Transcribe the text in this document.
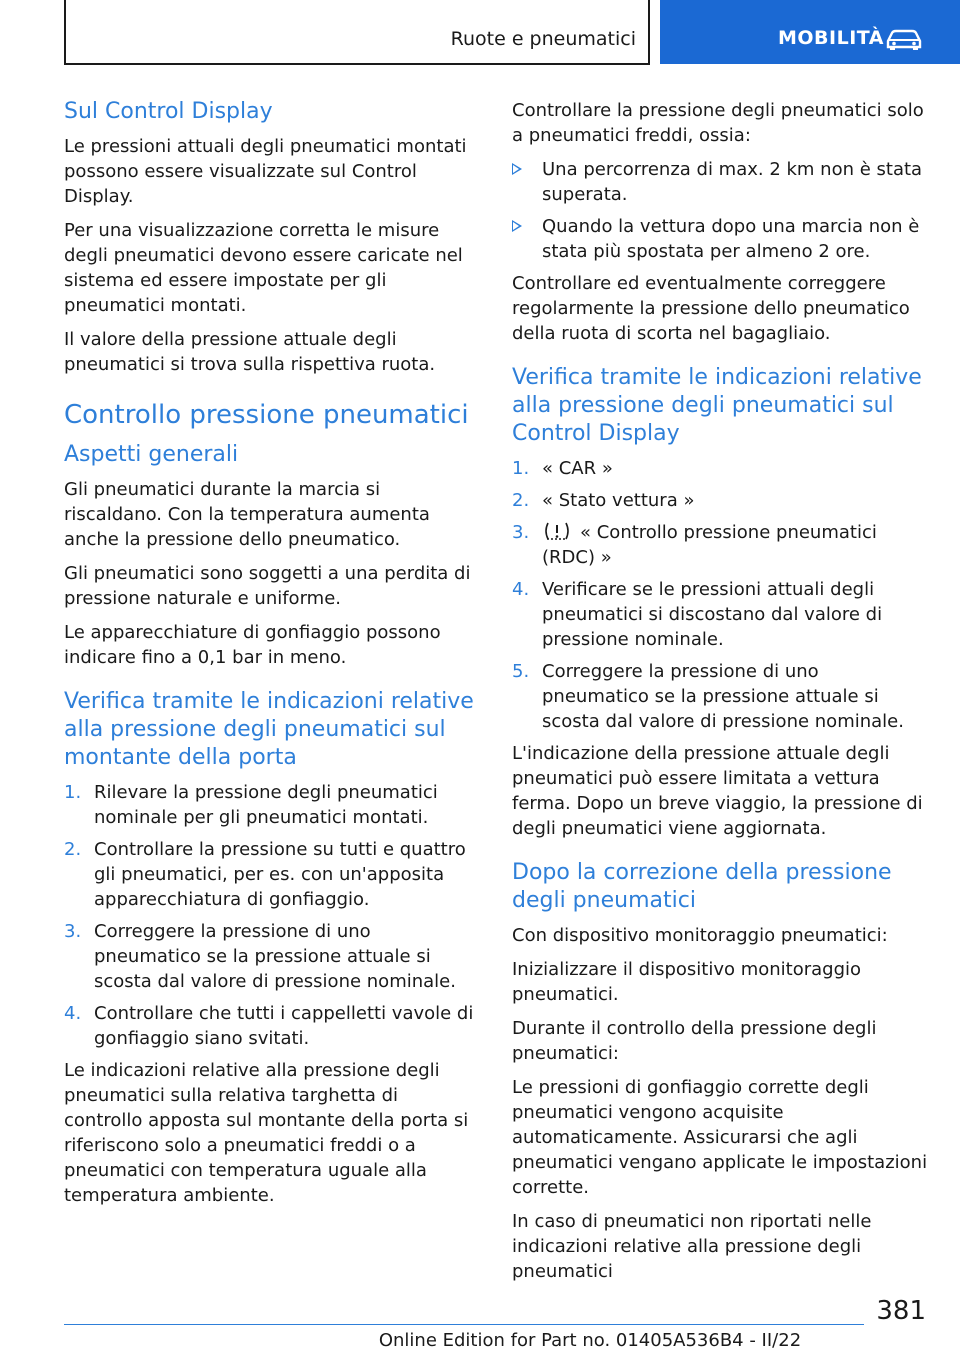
Ruote e pneumatici	MOBILITÀ
Sul Control Display

Le pressioni attuali degli pneumatici montati possono essere visualizzate sul Control Display.

Per una visualizzazione corretta le misure degli pneumatici devono essere caricate nel sistema ed essere impostate per gli pneumatici montati.

Il valore della pressione attuale degli pneumatici si trova sulla rispettiva ruota.

Controllo pressione pneumatici
Aspetti generali

Gli pneumatici durante la marcia si riscaldano. Con la temperatura aumenta anche la pressione dello pneumatico.

Gli pneumatici sono soggetti a una perdita di pressione naturale e uniforme.

Le apparecchiature di gonfiaggio possono indicare fino a 0,1 bar in meno.

Verifica tramite le indicazioni relative alla pressione degli pneumatici sul montante della porta
1. Rilevare la pressione degli pneumatici nominale per gli pneumatici montati.
2. Controllare la pressione su tutti e quattro gli pneumatici, per es. con un'apposita apparecchiatura di gonfiaggio.
3. Correggere la pressione di uno pneumatico se la pressione attuale si scosta dal valore di pressione nominale.
4. Controllare che tutti i cappelletti vavole di gonfiaggio siano svitati.

Le indicazioni relative alla pressione degli pneumatici sulla relativa targhetta di controllo apposta sul montante della porta si riferiscono solo a pneumatici freddi o a pneumatici con temperatura uguale alla temperatura ambiente.

Controllare la pressione degli pneumatici solo a pneumatici freddi, ossia:

Una percorrenza di max. 2 km non è stata superata.
Quando la vettura dopo una marcia non è stata più spostata per almeno 2 ore.

Controllare ed eventualmente correggere regolarmente la pressione dello pneumatico della ruota di scorta nel bagagliaio.

Verifica tramite le indicazioni relative alla pressione degli pneumatici sul Control Display
1. « CAR »
2. « Stato vettura »
3.	« Controllo pressione pneumatici (RDC) »
4. Verificare se le pressioni attuali degli pneumatici si discostano dal valore di pressione nominale.
5. Correggere la pressione di uno pneumatico se la pressione attuale si scosta dal valore di pressione nominale.

L'indicazione della pressione attuale degli pneumatici può essere limitata a vettura ferma. Dopo un breve viaggio, la pressione di degli pneumatici viene aggiornata.

Dopo la correzione della pressione degli pneumatici

Con dispositivo monitoraggio pneumatici:

Inizializzare il dispositivo monitoraggio pneumatici.

Durante il controllo della pressione degli pneumatici:

Le pressioni di gonfiaggio corrette degli pneumatici vengono acquisite automaticamente. Assicurarsi che agli pneumatici vengano applicate le impostazioni corrette.

In caso di pneumatici non riportati nelle indicazioni relative alla pressione degli pneumatici

381
Online Edition for Part no. 01405A536B4 - II/22
